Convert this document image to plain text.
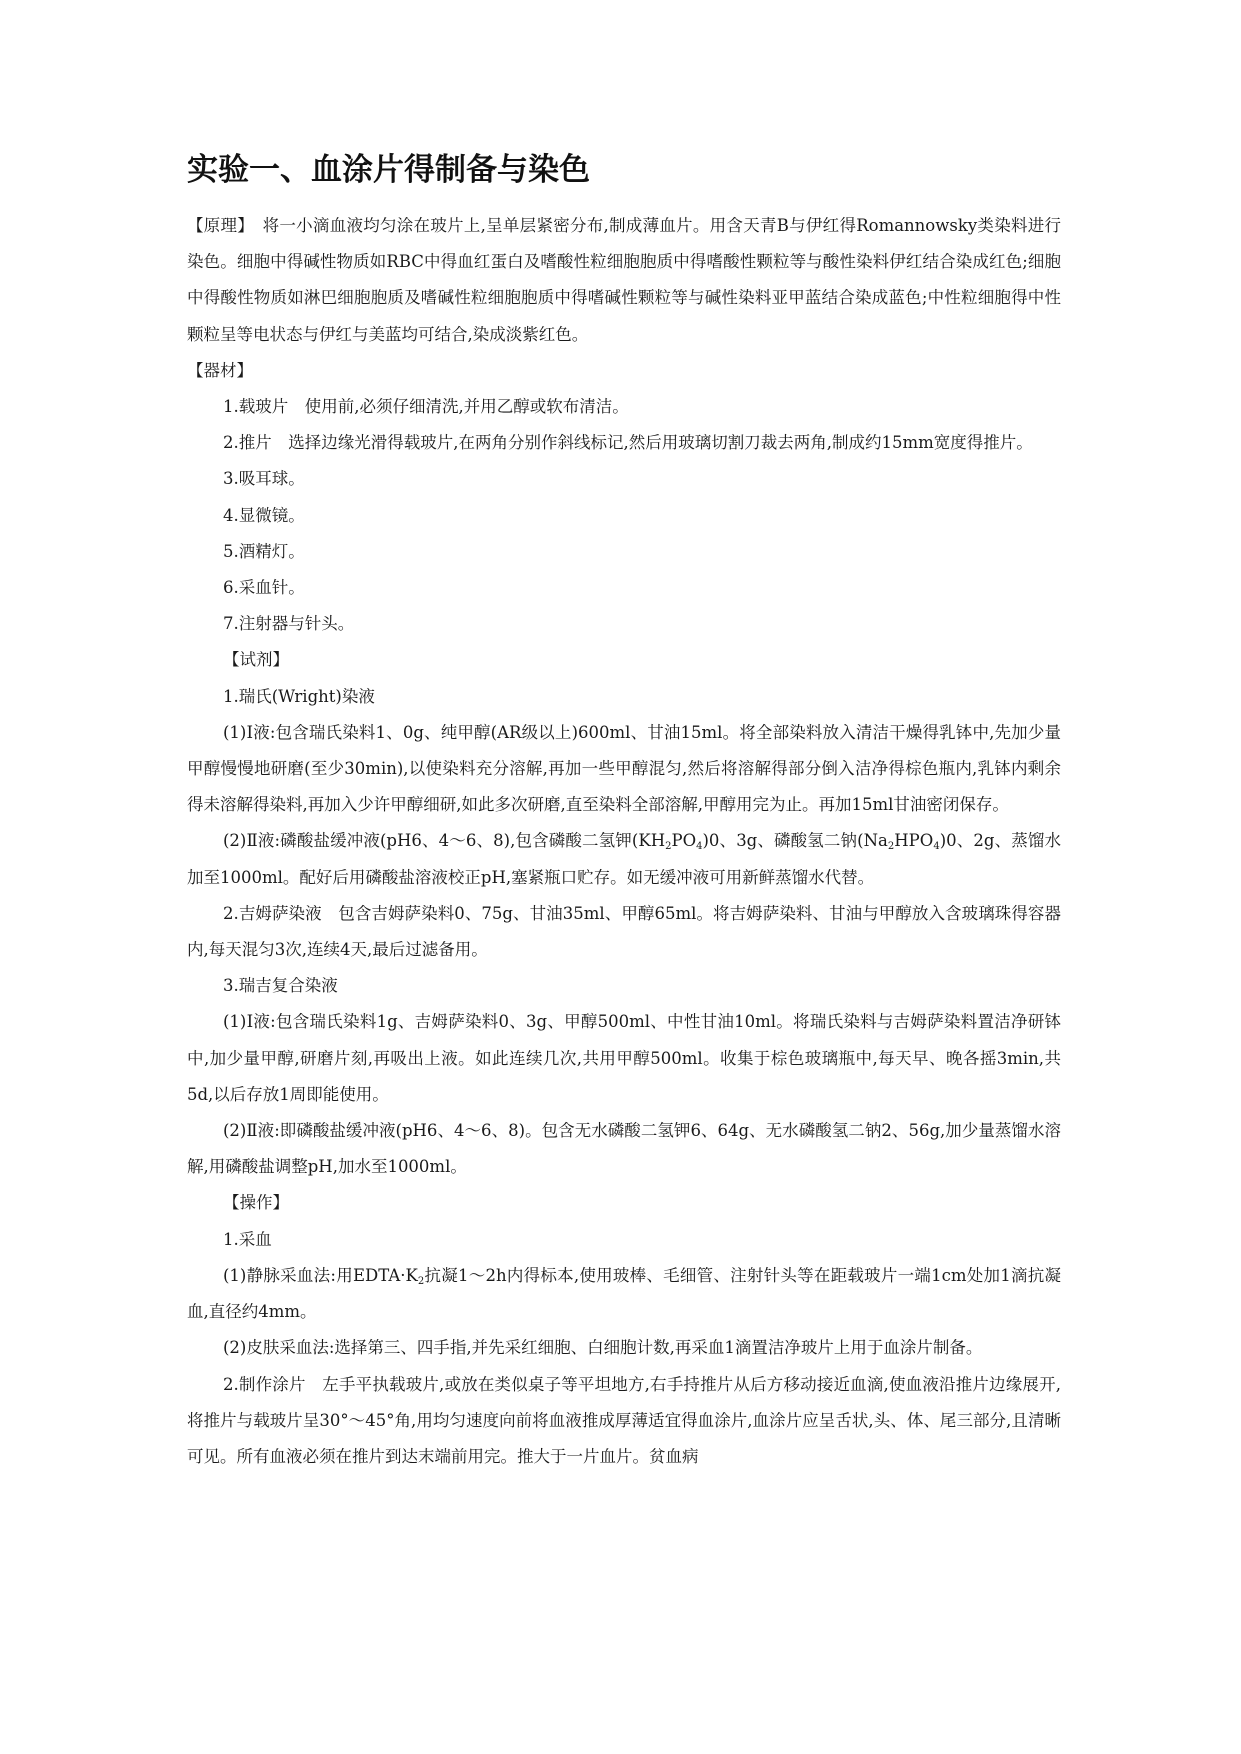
实验一、血涂片得制备与染色

【原理】　将一小滴血液均匀涂在玻片上,呈单层紧密分布,制成薄血片。用含天青B与伊红得Romannowsky类染料进行染色。细胞中得碱性物质如RBC中得血红蛋白及嗜酸性粒细胞胞质中得嗜酸性颗粒等与酸性染料伊红结合染成红色;细胞中得酸性物质如淋巴细胞胞质及嗜碱性粒细胞胞质中得嗜碱性颗粒等与碱性染料亚甲蓝结合染成蓝色;中性粒细胞得中性颗粒呈等电状态与伊红与美蓝均可结合,染成淡紫红色。

【器材】

1.载玻片　使用前,必须仔细清洗,并用乙醇或软布清洁。

2.推片　选择边缘光滑得载玻片,在两角分别作斜线标记,然后用玻璃切割刀裁去两角,制成约15mm宽度得推片。

3.吸耳球。

4.显微镜。

5.酒精灯。

6.采血针。

7.注射器与针头。

【试剂】

1.瑞氏(Wright)染液

(1)Ⅰ液:包含瑞氏染料1、0g、纯甲醇(AR级以上)600ml、甘油15ml。将全部染料放入清洁干燥得乳钵中,先加少量甲醇慢慢地研磨(至少30min),以使染料充分溶解,再加一些甲醇混匀,然后将溶解得部分倒入洁净得棕色瓶内,乳钵内剩余得未溶解得染料,再加入少许甲醇细研,如此多次研磨,直至染料全部溶解,甲醇用完为止。再加15ml甘油密闭保存。

(2)Ⅱ液:磷酸盐缓冲液(pH6、4～6、8),包含磷酸二氢钾$(KH_2PO_4)0$、3g、磷酸氢二钠$(Na_2HPO_4)0$、2g、蒸馏水加至1000ml。配好后用磷酸盐溶液校正pH,塞紧瓶口贮存。如无缓冲液可用新鲜蒸馏水代替。

2.吉姆萨染液　包含吉姆萨染料0、75g、甘油35ml、甲醇65ml。将吉姆萨染料、甘油与甲醇放入含玻璃珠得容器内,每天混匀3次,连续4天,最后过滤备用。

3.瑞吉复合染液

(1)Ⅰ液:包含瑞氏染料1g、吉姆萨染料0、3g、甲醇500ml、中性甘油10ml。将瑞氏染料与吉姆萨染料置洁净研钵中,加少量甲醇,研磨片刻,再吸出上液。如此连续几次,共用甲醇500ml。收集于棕色玻璃瓶中,每天早、晚各摇3min,共5d,以后存放1周即能使用。

(2)Ⅱ液:即磷酸盐缓冲液(pH6、4～6、8)。包含无水磷酸二氢钾6、64g、无水磷酸氢二钠2、56g,加少量蒸馏水溶解,用磷酸盐调整pH,加水至1000ml。

【操作】

1.采血

(1)静脉采血法:用$EDTA\cdot K_2$抗凝1～2h内得标本,使用玻棒、毛细管、注射针头等在距载玻片一端1cm处加1滴抗凝血,直径约4mm。

(2)皮肤采血法:选择第三、四手指,并先采红细胞、白细胞计数,再采血1滴置洁净玻片上用于血涂片制备。

2.制作涂片　左手平执载玻片,或放在类似桌子等平坦地方,右手持推片从后方移动接近血滴,使血液沿推片边缘展开,将推片与载玻片呈30°～45°角,用均匀速度向前将血液推成厚薄适宜得血涂片,血涂片应呈舌状,头、体、尾三部分,且清晰可见。所有血液必须在推片到达末端前用完。推大于一片血片。贫血病
